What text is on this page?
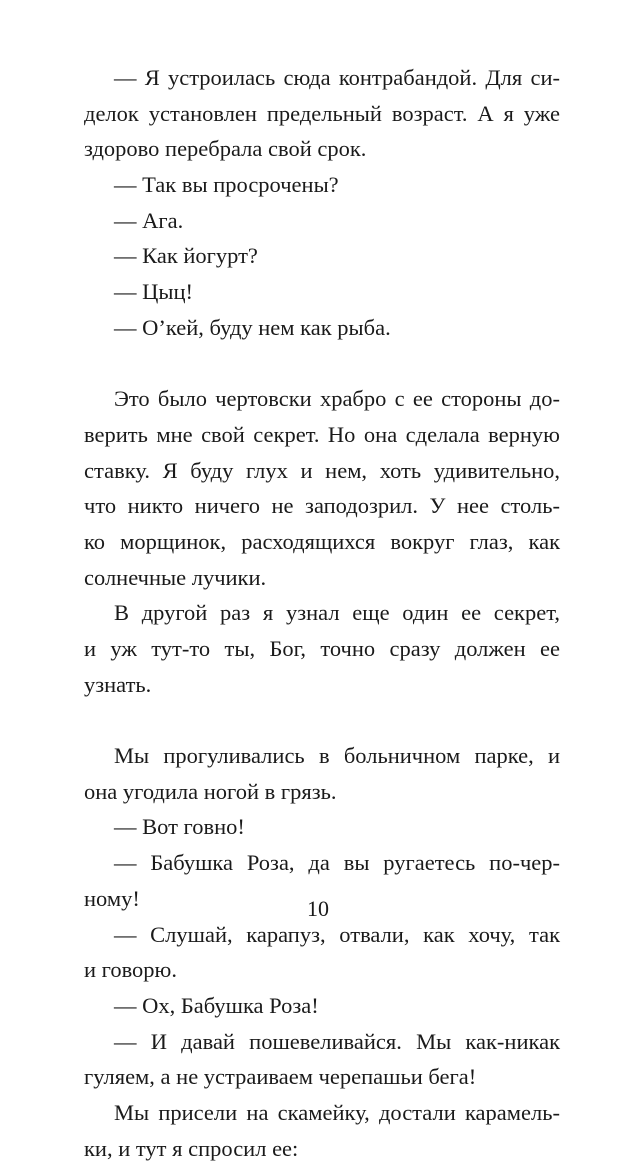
— Я устроилась сюда контрабандой. Для си-
делок установлен предельный возраст. А я уже
здорово перебрала свой срок.
— Так вы просрочены?
— Ага.
— Как йогурт?
— Цыц!
— О’кей, буду нем как рыба.
Это было чертовски храбро с ее стороны до-
верить мне свой секрет. Но она сделала верную
ставку. Я буду глух и нем, хоть удивительно,
что никто ничего не заподозрил. У нее столь-
ко морщинок, расходящихся вокруг глаз, как
солнечные лучики.
В другой раз я узнал еще один ее секрет,
и уж тут-то ты, Бог, точно сразу должен ее
узнать.
Мы прогуливались в больничном парке, и
она угодила ногой в грязь.
— Вот говно!
— Бабушка Роза, да вы ругаетесь по-чер-
ному!
— Слушай, карапуз, отвали, как хочу, так
и говорю.
— Ох, Бабушка Роза!
— И давай пошевеливайся. Мы как-никак
гуляем, а не устраиваем черепашьи бега!
Мы присели на скамейку, достали карамель-
ки, и тут я спросил ее:
10
